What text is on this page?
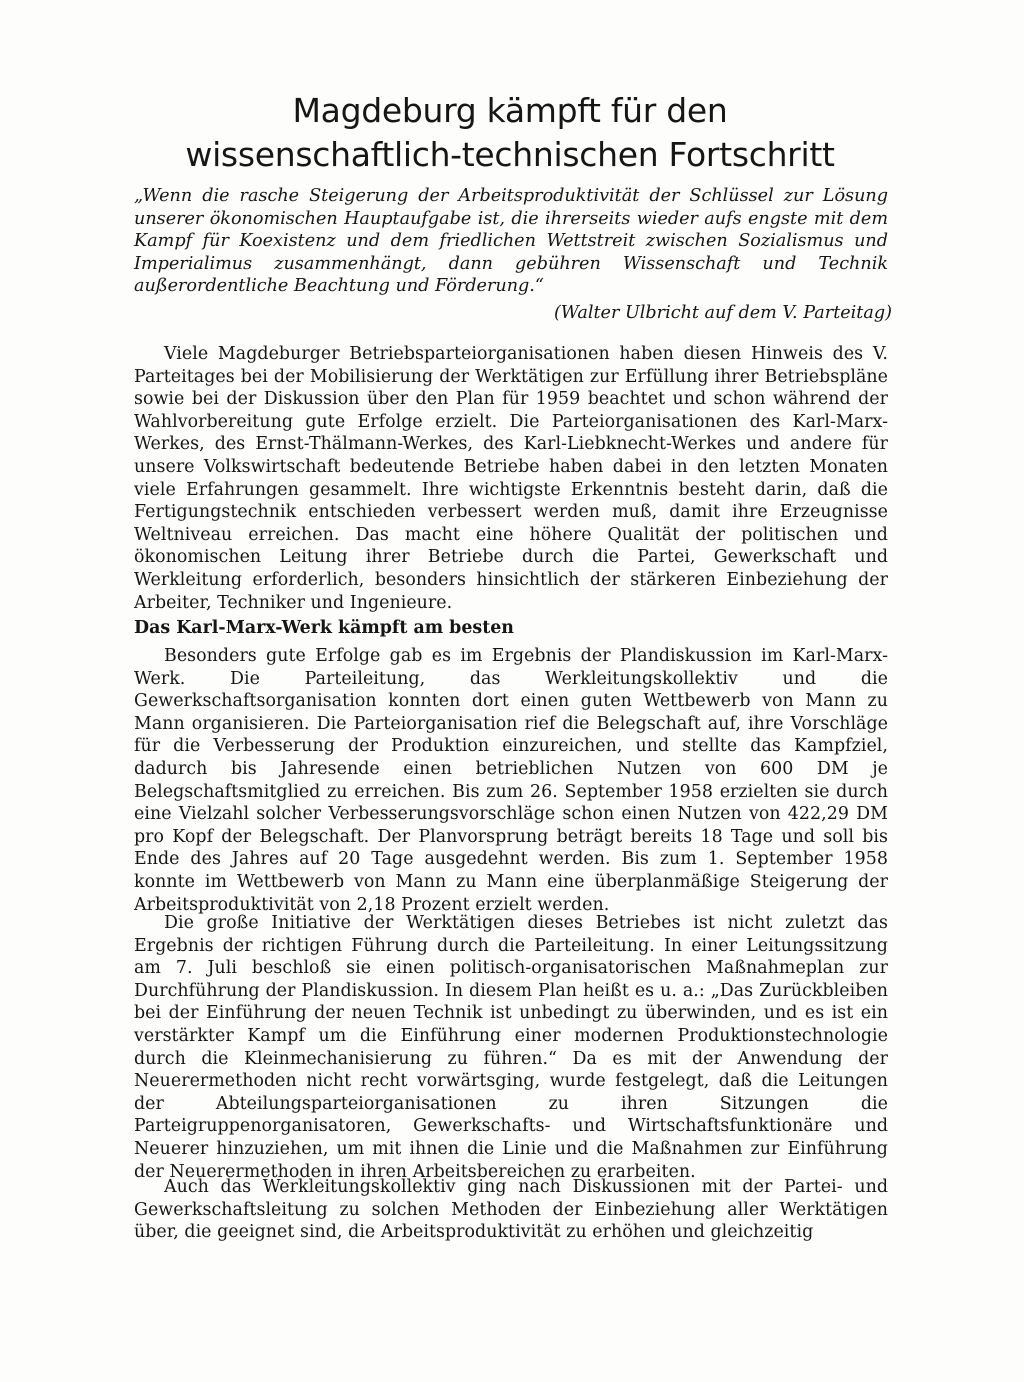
Magdeburg kämpft für den
wissenschaftlich-technischen Fortschritt

„Wenn die rasche Steigerung der Arbeitsproduktivität der Schlüssel zur Lösung unserer ökonomischen Hauptaufgabe ist, die ihrerseits wieder aufs engste mit dem Kampf für Koexistenz und dem friedlichen Wettstreit zwischen Sozialismus und Imperialimus zusammenhängt, dann gebühren Wissenschaft und Technik außerordentliche Beachtung und Förderung.“

(Walter Ulbricht auf dem V. Parteitag)

Viele Magdeburger Betriebsparteiorganisationen haben diesen Hinweis des V. Parteitages bei der Mobilisierung der Werktätigen zur Erfüllung ihrer Betriebspläne sowie bei der Diskussion über den Plan für 1959 beachtet und schon während der Wahlvorbereitung gute Erfolge erzielt. Die Parteiorganisationen des Karl-Marx-Werkes, des Ernst-Thälmann-Werkes, des Karl-Liebknecht-Werkes und andere für unsere Volkswirtschaft bedeutende Betriebe haben dabei in den letzten Monaten viele Erfahrungen gesammelt. Ihre wichtigste Erkenntnis besteht darin, daß die Fertigungstechnik entschieden verbessert werden muß, damit ihre Erzeugnisse Weltniveau erreichen. Das macht eine höhere Qualität der politischen und ökonomischen Leitung ihrer Betriebe durch die Partei, Gewerkschaft und Werkleitung erforderlich, besonders hinsichtlich der stärkeren Einbeziehung der Arbeiter, Techniker und Ingenieure.

Das Karl-Marx-Werk kämpft am besten

Besonders gute Erfolge gab es im Ergebnis der Plandiskussion im Karl-Marx-Werk. Die Parteileitung, das Werkleitungskollektiv und die Gewerkschaftsorganisation konnten dort einen guten Wettbewerb von Mann zu Mann organisieren. Die Parteiorganisation rief die Belegschaft auf, ihre Vorschläge für die Verbesserung der Produktion einzureichen, und stellte das Kampfziel, dadurch bis Jahresende einen betrieblichen Nutzen von 600 DM je Belegschaftsmitglied zu erreichen. Bis zum 26. September 1958 erzielten sie durch eine Vielzahl solcher Verbesserungsvorschläge schon einen Nutzen von 422,29 DM pro Kopf der Belegschaft. Der Planvorsprung beträgt bereits 18 Tage und soll bis Ende des Jahres auf 20 Tage ausgedehnt werden. Bis zum 1. September 1958 konnte im Wettbewerb von Mann zu Mann eine überplanmäßige Steigerung der Arbeitsproduktivität von 2,18 Prozent erzielt werden.

Die große Initiative der Werktätigen dieses Betriebes ist nicht zuletzt das Ergebnis der richtigen Führung durch die Parteileitung. In einer Leitungssitzung am 7. Juli beschloß sie einen politisch-organisatorischen Maßnahmeplan zur Durchführung der Plandiskussion. In diesem Plan heißt es u. a.: „Das Zurückbleiben bei der Einführung der neuen Technik ist unbedingt zu überwinden, und es ist ein verstärkter Kampf um die Einführung einer modernen Produktionstechnologie durch die Kleinmechanisierung zu führen.“ Da es mit der Anwendung der Neuerermethoden nicht recht vorwärtsging, wurde festgelegt, daß die Leitungen der Abteilungsparteiorganisationen zu ihren Sitzungen die Parteigruppenorganisatoren, Gewerkschafts- und Wirtschaftsfunktionäre und Neuerer hinzuziehen, um mit ihnen die Linie und die Maßnahmen zur Einführung der Neuerermethoden in ihren Arbeitsbereichen zu erarbeiten.

Auch das Werkleitungskollektiv ging nach Diskussionen mit der Partei- und Gewerkschaftsleitung zu solchen Methoden der Einbeziehung aller Werktätigen über, die geeignet sind, die Arbeitsproduktivität zu erhöhen und gleichzeitig
